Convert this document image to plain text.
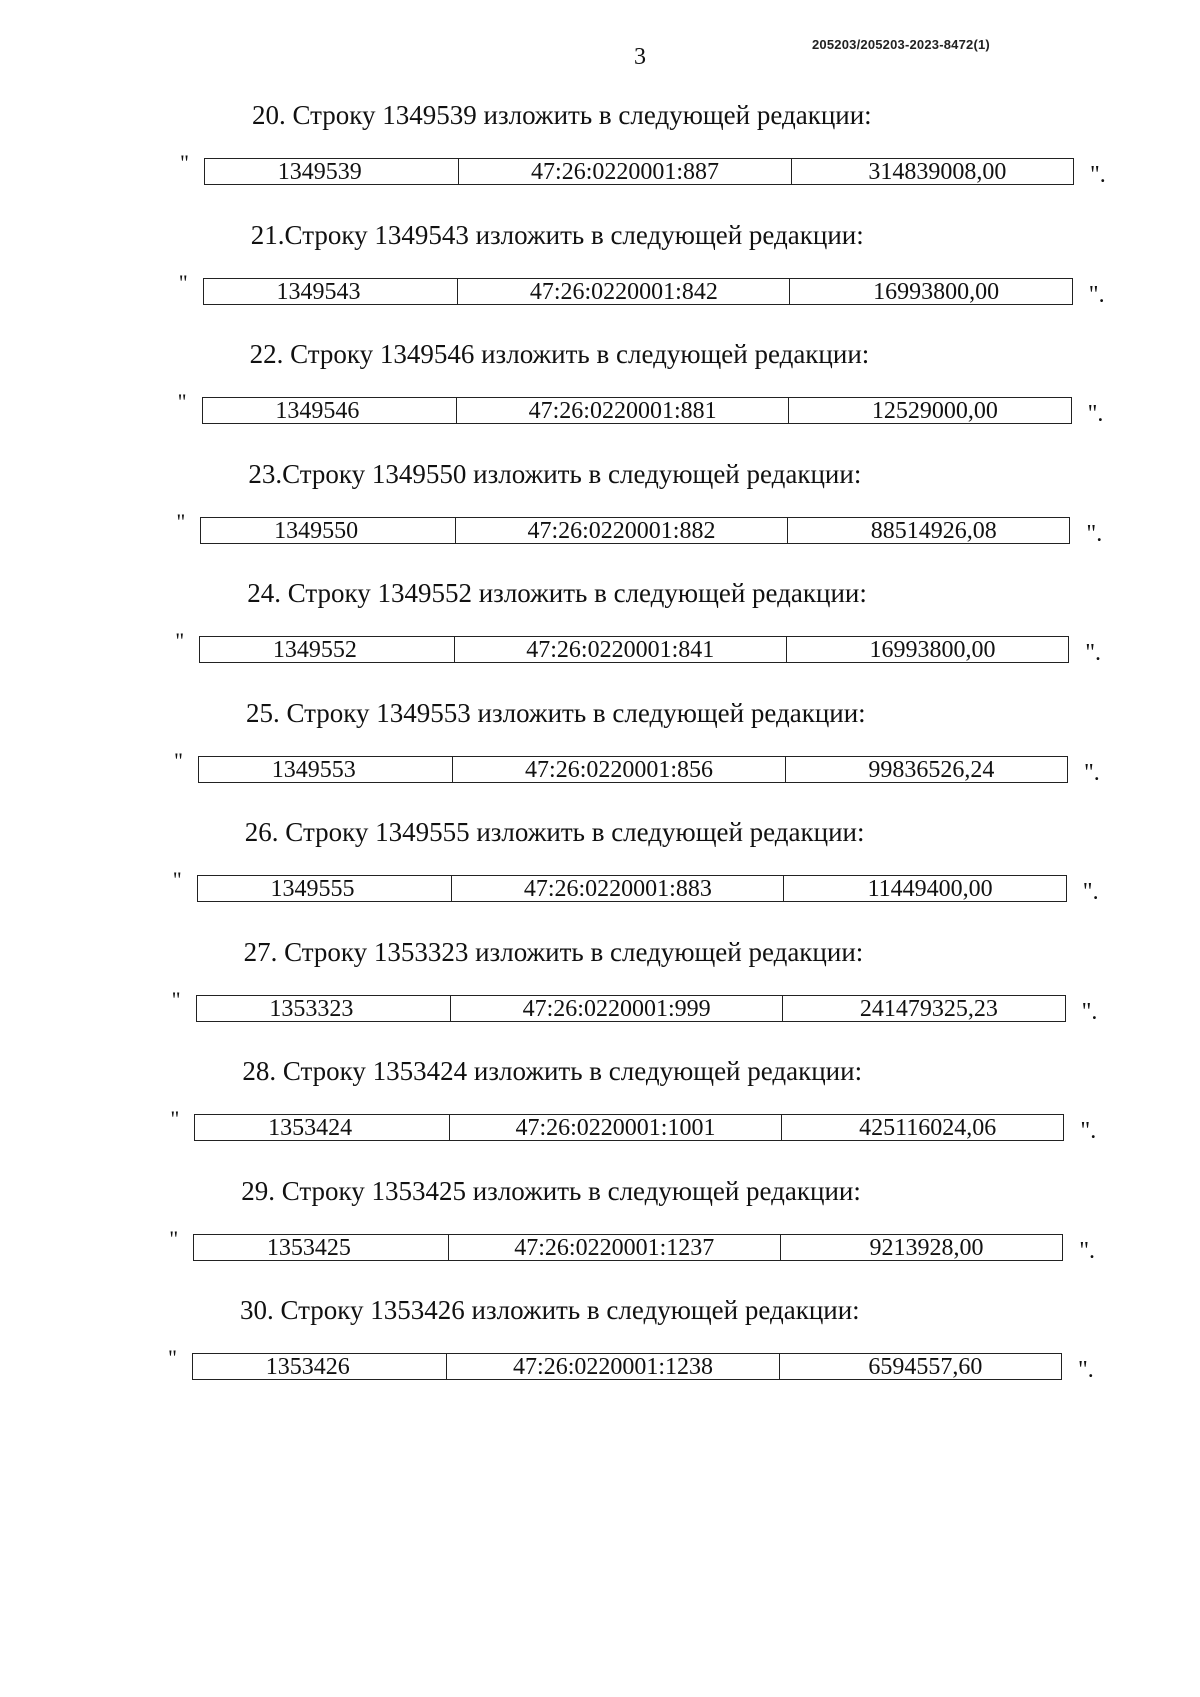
205203/205203-2023-8472(1)
3
20. Строку 1349539 изложить в следующей редакции:
"	1349539	47:26:0220001:887	314839008,00	".
21.Строку 1349543 изложить в следующей редакции:
"	1349543	47:26:0220001:842	16993800,00	".
22. Строку 1349546 изложить в следующей редакции:
"	1349546	47:26:0220001:881	12529000,00	".
23.Строку 1349550 изложить в следующей редакции:
"	1349550	47:26:0220001:882	88514926,08	".
24. Строку 1349552 изложить в следующей редакции:
"	1349552	47:26:0220001:841	16993800,00	".
25. Строку 1349553 изложить в следующей редакции:
"	1349553	47:26:0220001:856	99836526,24	".
26. Строку 1349555 изложить в следующей редакции:
"	1349555	47:26:0220001:883	11449400,00	".
27. Строку 1353323 изложить в следующей редакции:
"	1353323	47:26:0220001:999	241479325,23	".
28. Строку 1353424 изложить в следующей редакции:
"	1353424	47:26:0220001:1001	425116024,06	".
29. Строку 1353425 изложить в следующей редакции:
"	1353425	47:26:0220001:1237	9213928,00	".
30. Строку 1353426 изложить в следующей редакции:
"	1353426	47:26:0220001:1238	6594557,60	".
